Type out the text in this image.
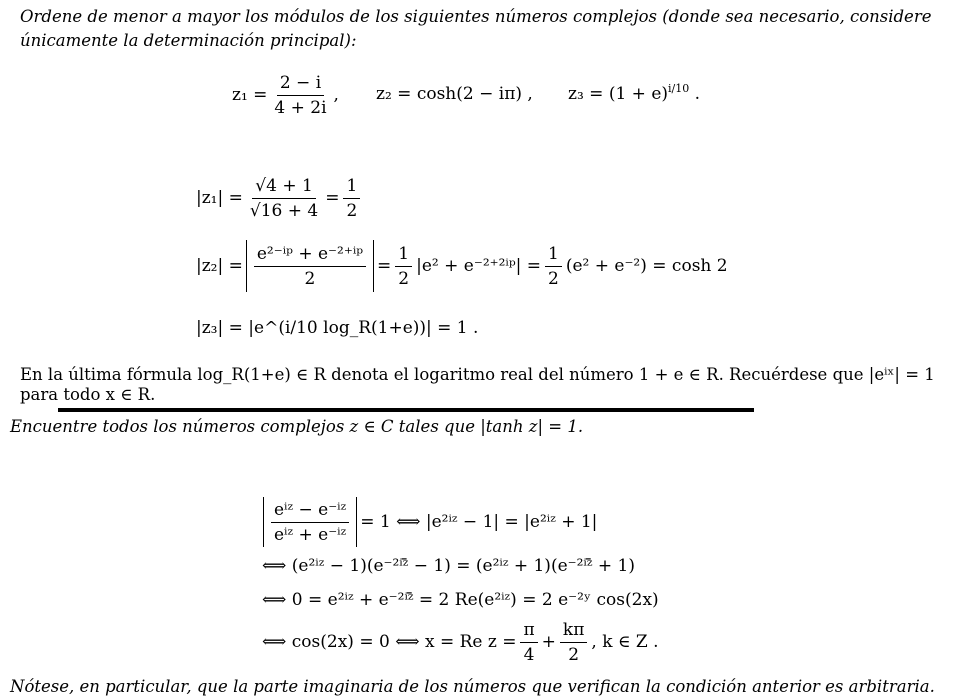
Ordene de menor a mayor los módulos de los siguientes números complejos (donde sea necesario, considere
únicamente la determinación principal):
$z_1 = \frac{2 - i}{4 + 2i}$ , z₂ = cosh(2 − iπ) , $z_3 = (1 + e)^{i/10}$ .
$|z_1| = \frac{√4 + 1}{√16 + 4} = \frac{1}{2}$
$|z_2| = \frac{\text{e²⁻ⁱᵖ + e⁻²⁺ⁱᵖ}}{2} = \frac{1}{2} |e^2$ + e⁻²⁺²ⁱᵖ| = $\frac{1}{2} (e^2 + e^{-2}) = \cosh 2$
|z₃| = |e^(i/10 log_R(1+e))| = 1 .
En la última fórmula log_R(1+e) ∈ R denota el logaritmo real del número 1 + e ∈ R. Recuérdese que |eⁱˣ| = 1
para todo x ∈ R.
Encuentre todos los números complejos z ∈ C tales que |tanh z| = 1.
$\frac{\text{eⁱᶻ − e⁻ⁱᶻ}}{\text{eⁱᶻ + e⁻ⁱᶻ}} = 1$ ⟺ |e²ⁱᶻ − 1| = |e²ⁱᶻ + 1|
⟺ (e²ⁱᶻ − 1)(e⁻²ⁱᶻ̄ − 1) = (e²ⁱᶻ + 1)(e⁻²ⁱᶻ̄ + 1)
⟺ 0 = e²ⁱᶻ + e⁻²ⁱᶻ̄ = 2 Re(e²ⁱᶻ) = 2 e⁻²ʸ cos(2x)
⟺ cos(2x) = 0 ⟺ x = Re $z = \frac{\pi}{4} + \frac{k\pi}{2}$ , k ∈ Z .
Nótese, en particular, que la parte imaginaria de los números que verifican la condición anterior es arbitraria.
